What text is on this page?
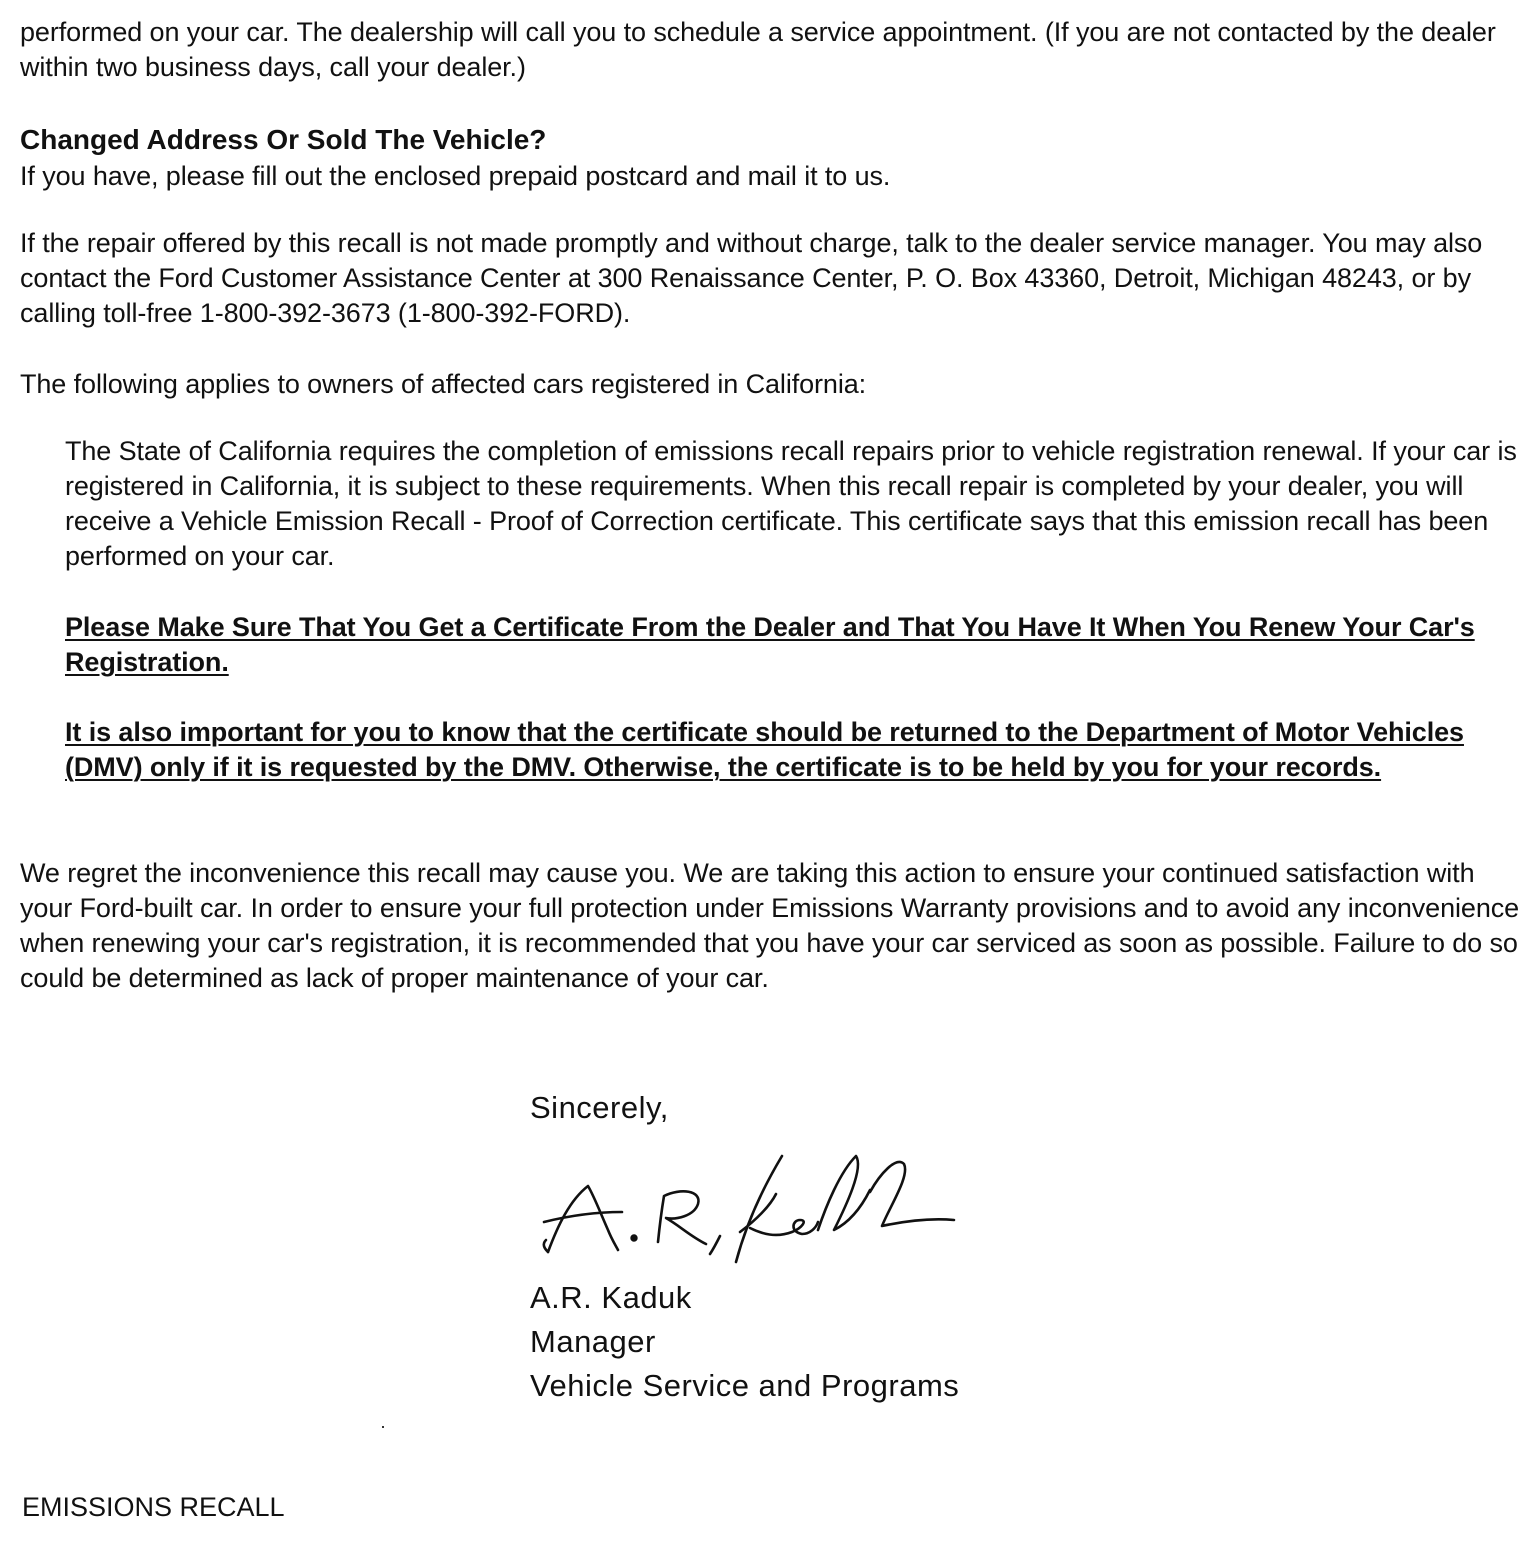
performed on your car. The dealership will call you to schedule a service appointment. (If you are not contacted by the dealer within two business days, call your dealer.)

Changed Address Or Sold The Vehicle?

If you have, please fill out the enclosed prepaid postcard and mail it to us.

If the repair offered by this recall is not made promptly and without charge, talk to the dealer service manager. You may also contact the Ford Customer Assistance Center at 300 Renaissance Center, P. O. Box 43360, Detroit, Michigan 48243, or by calling toll-free 1-800-392-3673 (1-800-392-FORD).

The following applies to owners of affected cars registered in California:

The State of California requires the completion of emissions recall repairs prior to vehicle registration renewal. If your car is registered in California, it is subject to these requirements. When this recall repair is completed by your dealer, you will receive a Vehicle Emission Recall - Proof of Correction certificate. This certificate says that this emission recall has been performed on your car.

Please Make Sure That You Get a Certificate From the Dealer and That You Have It When You Renew Your Car's Registration.

It is also important for you to know that the certificate should be returned to the Department of Motor Vehicles (DMV) only if it is requested by the DMV. Otherwise, the certificate is to be held by you for your records.

We regret the inconvenience this recall may cause you. We are taking this action to ensure your continued satisfaction with your Ford-built car. In order to ensure your full protection under Emissions Warranty provisions and to avoid any inconvenience when renewing your car's registration, it is recommended that you have your car serviced as soon as possible. Failure to do so could be determined as lack of proper maintenance of your car.

Sincerely,

A.R. Kaduk

Manager

Vehicle Service and Programs

EMISSIONS RECALL
